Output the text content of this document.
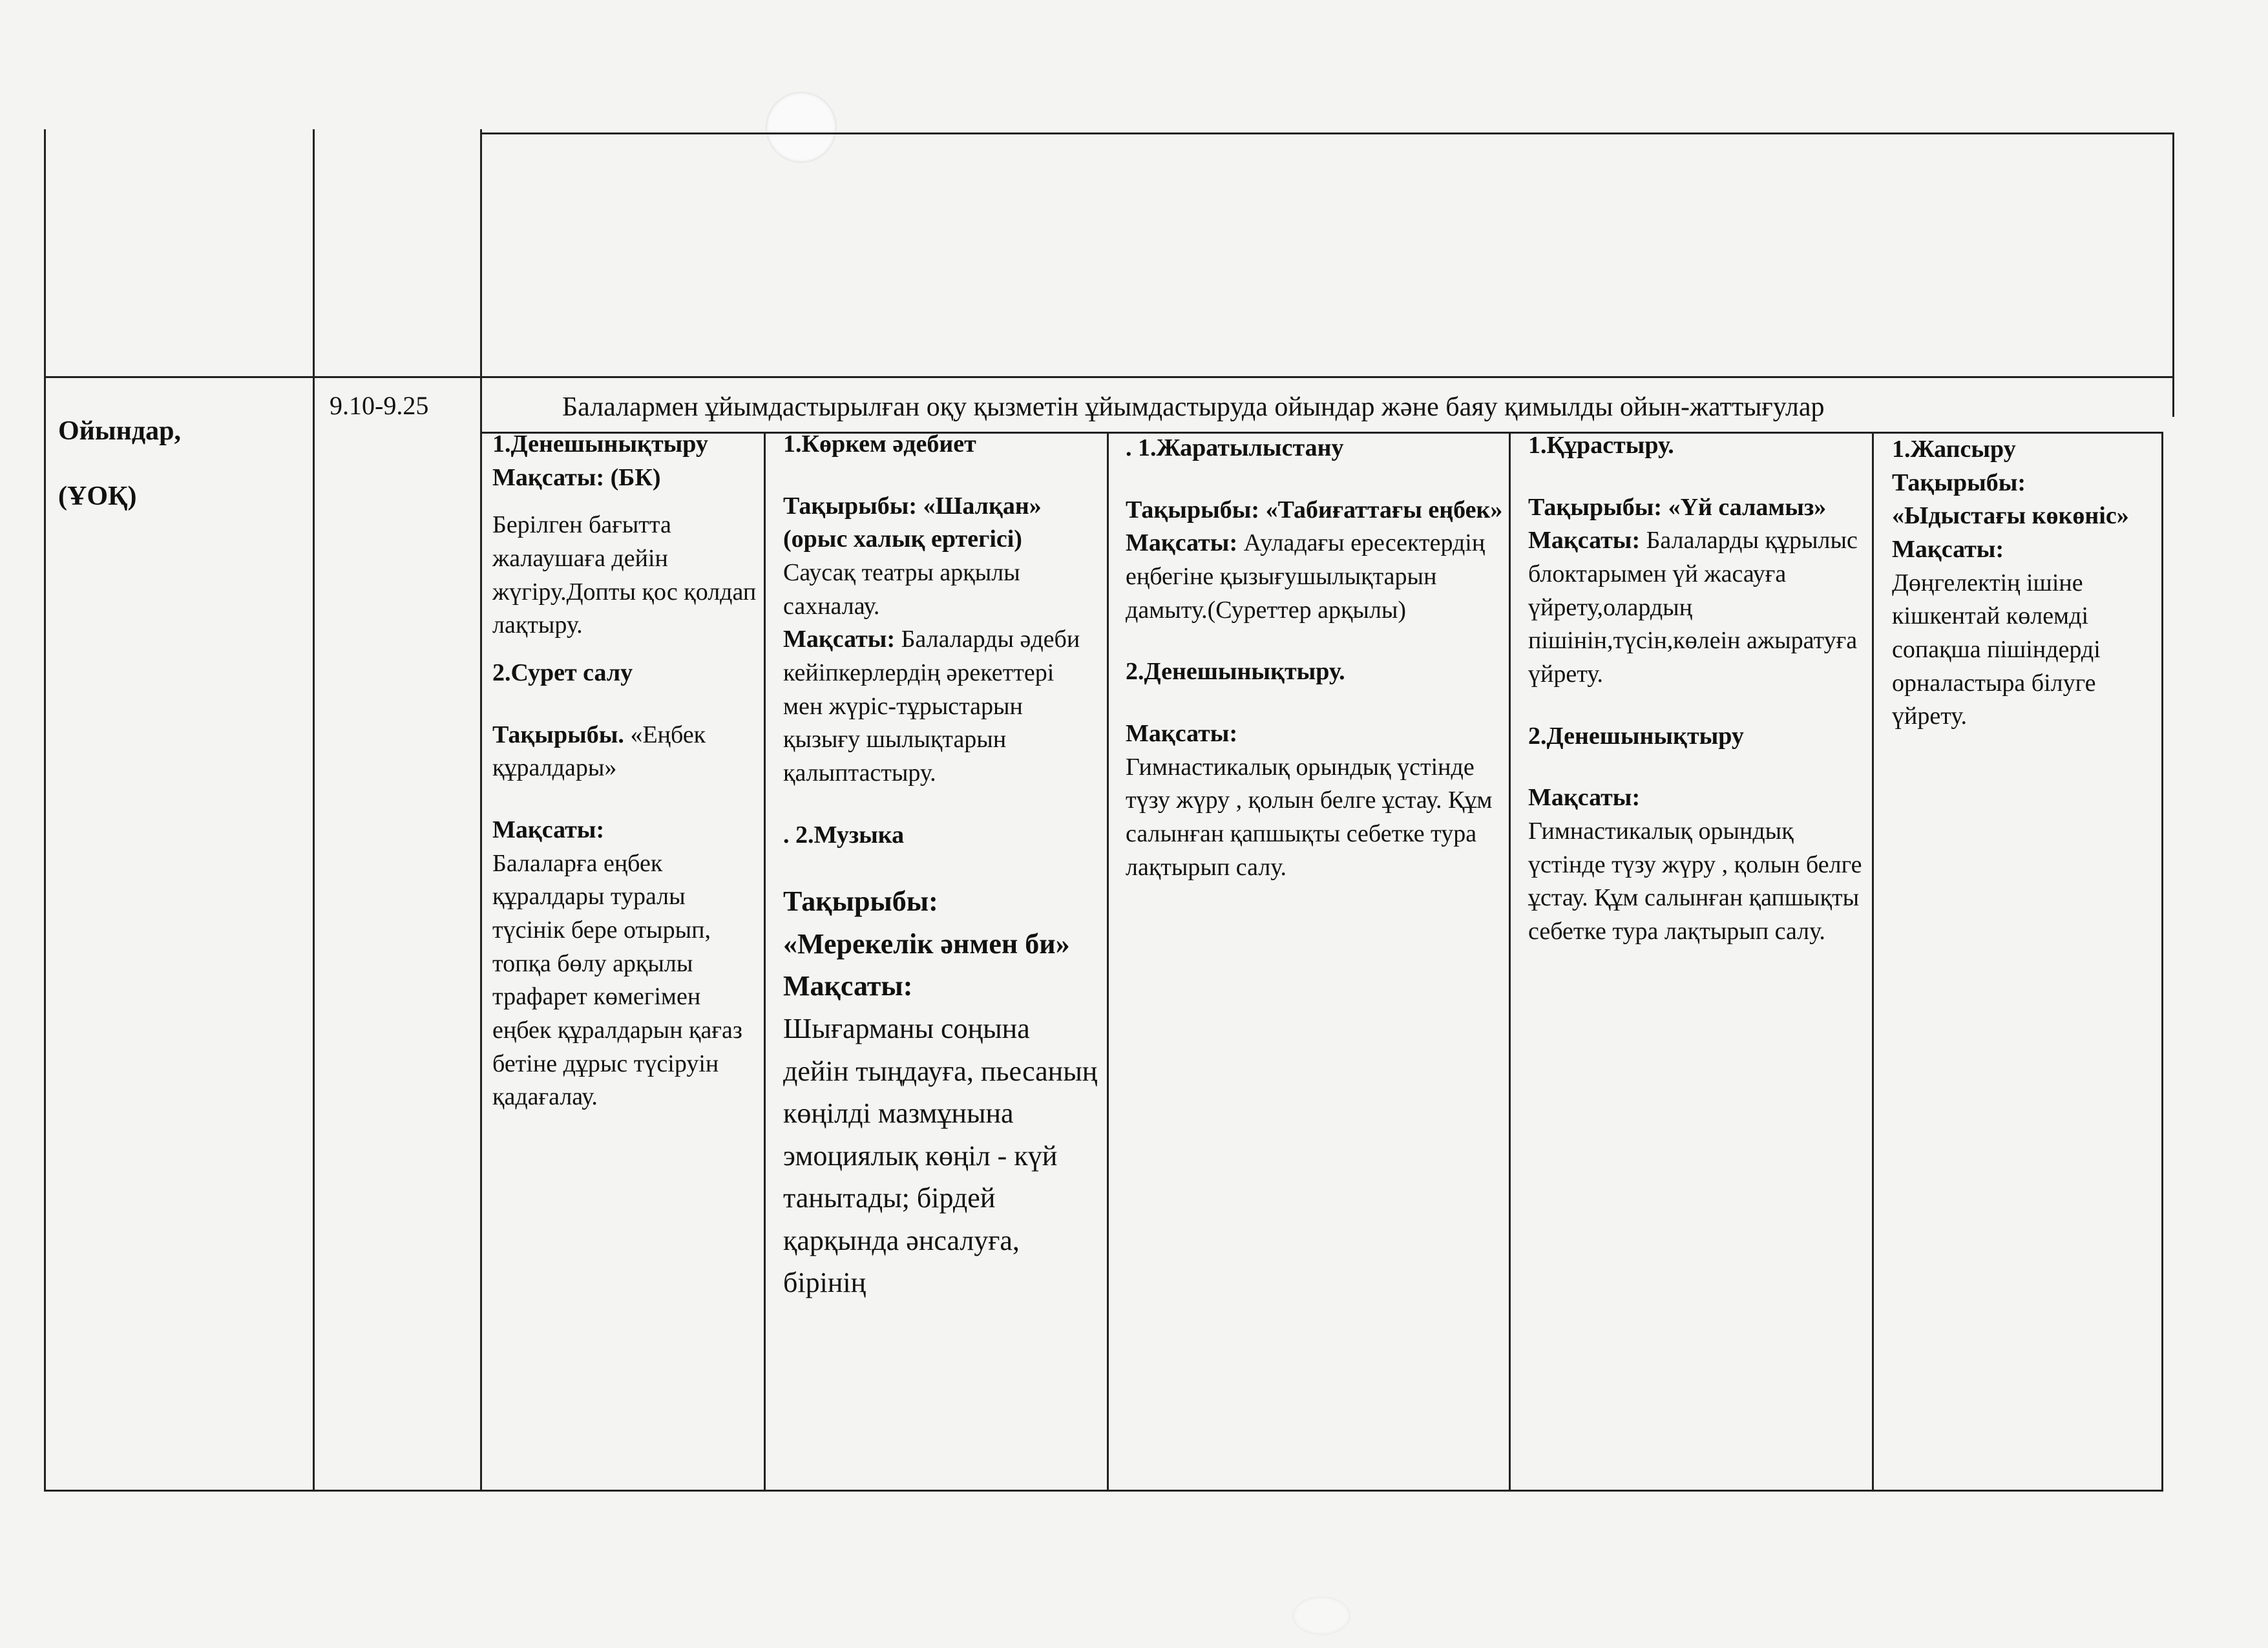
Ойындар,

(ҰОҚ)

9.10-9.25	Балалармен ұйымдастырылған оқу қызметін ұйымдастыруда ойындар және баяу қимылды ойын-жаттығулар

1.Денешынықтыру

Мақсаты: (БК)

Берілген бағытта жалаушаға дейін жүгіру.Допты қос қолдап лақтыру.

2.Сурет салу

Тақырыбы. «Еңбек құралдары»

Мақсаты:

Балаларға еңбек құралдары туралы түсінік бере отырып, топқа бөлу арқылы трафарет көмегімен еңбек құралдарын қағаз бетіне дұрыс түсіруін қадағалау.

1.Көркем әдебиет

Тақырыбы: «Шалқан» (орыс халық ертегісі)

Саусақ театры арқылы сахналау.

Мақсаты: Балаларды әдеби кейіпкерлердің әрекеттері мен жүріс-тұрыстарын қызығу шылықтарын қалыптастыру.

. 2.Музыка

Тақырыбы:

«Мерекелік әнмен би»

Мақсаты:

Шығарманы соңына дейін тыңдауға, пьесаның көңілді мазмұнына эмоциялық көңіл - күй танытады; бірдей қарқында әнсалуға, бірінің

. 1.Жаратылыстану

Тақырыбы: «Табиғаттағы еңбек»

Мақсаты: Ауладағы ересектердің еңбегіне қызығушылықтарын дамыту.(Суреттер арқылы)

2.Денешынықтыру.

Мақсаты:

Гимнастикалық орындық үстінде түзу жүру , қолын белге ұстау. Құм салынған қапшықты себетке тура лақтырып салу.

1.Құрастыру.

Тақырыбы: «Үй саламыз»

Мақсаты: Балаларды құрылыс блоктарымен үй жасауға үйрету,олардың пішінін,түсін,көлеін ажыратуға үйрету.

2.Денешынықтыру

Мақсаты:

Гимнастикалық орындық үстінде түзу жүру , қолын белге ұстау. Құм салынған қапшықты себетке тура лақтырып салу.

1.Жапсыру

Тақырыбы:

«Ыдыстағы көкөніс»

Мақсаты:

Дөңгелектің ішіне кішкентай көлемді сопақша пішіндерді орналастыра білуге үйрету.
